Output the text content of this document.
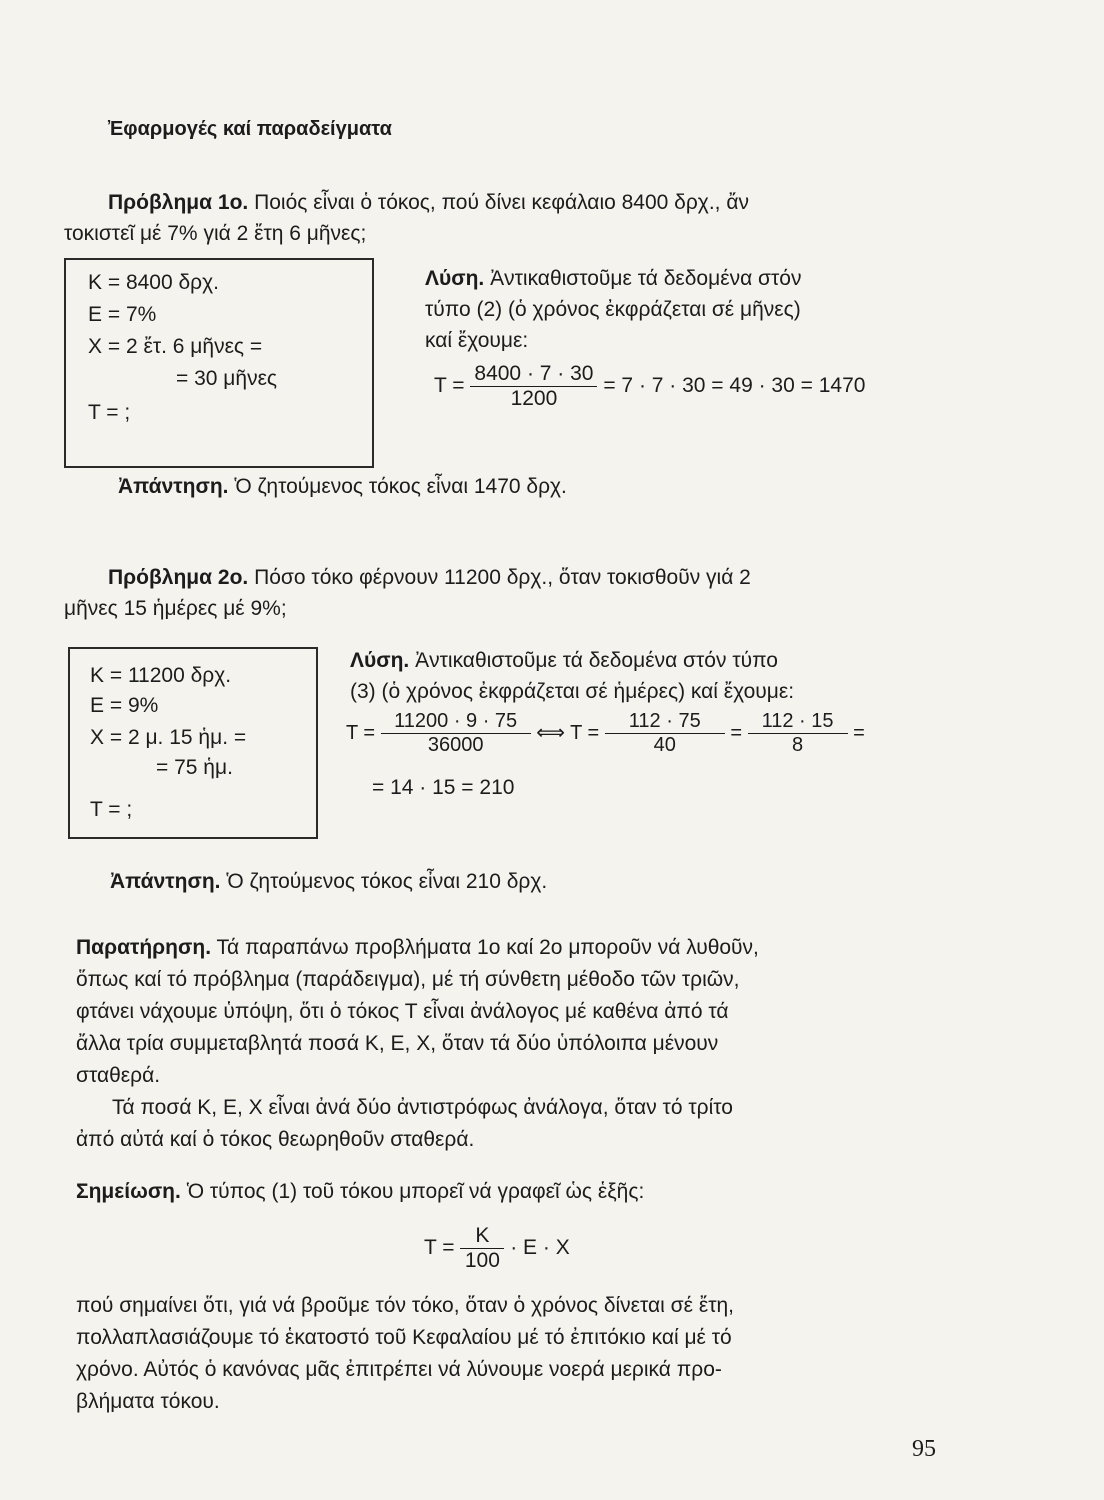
Ἐφαρμογές καί παραδείγματα
Πρόβλημα 1ο. Ποιός εἶναι ὁ τόκος, πού δίνει κεφάλαιο 8400 δρχ., ἄν
τοκιστεῖ μέ 7% γιά 2 ἔτη 6 μῆνες;
Κ = 8400 δρχ.
Ε = 7%
Χ = 2 ἔτ. 6 μῆνες =
= 30 μῆνες
Τ = ;
Λύση. Ἀντικαθιστοῦμε τά δεδομένα στόν
τύπο (2) (ὁ χρόνος ἐκφράζεται σέ μῆνες)
καί ἔχουμε:
$T = \frac{8400 \cdot 7 \cdot 30}{1200} = 7 \cdot 7 \cdot 30 = 49 \cdot 30 = 1470$
Ἀπάντηση. Ὁ ζητούμενος τόκος εἶναι 1470 δρχ.
Πρόβλημα 2ο. Πόσο τόκο φέρνουν 11200 δρχ., ὅταν τοκισθοῦν γιά 2
μῆνες 15 ἡμέρες μέ 9%;
Κ = 11200 δρχ.
Ε = 9%
Χ = 2 μ. 15 ἡμ. =
= 75 ἡμ.
Τ = ;
Λύση. Ἀντικαθιστοῦμε τά δεδομένα στόν τύπο
(3) (ὁ χρόνος ἐκφράζεται σέ ἡμέρες) καί ἔχουμε:
$T = \frac{11200 \cdot 9 \cdot 75}{36000}$ ⟺ $T = \frac{112 \cdot 75}{40} = \frac{112 \cdot 15}{8}$ =
= 14 · 15 = 210
Ἀπάντηση. Ὁ ζητούμενος τόκος εἶναι 210 δρχ.
Παρατήρηση. Τά παραπάνω προβλήματα 1ο καί 2ο μποροῦν νά λυθοῦν,
ὅπως καί τό πρόβλημα (παράδειγμα), μέ τή σύνθετη μέθοδο τῶν τριῶν,
φτάνει νάχουμε ὑπόψη, ὅτι ὁ τόκος Τ εἶναι ἀνάλογος μέ καθένα ἀπό τά
ἄλλα τρία συμμεταβλητά ποσά Κ, Ε, Χ, ὅταν τά δύο ὑπόλοιπα μένουν
σταθερά.
Τά ποσά Κ, Ε, Χ εἶναι ἀνά δύο ἀντιστρόφως ἀνάλογα, ὅταν τό τρίτο
ἀπό αὐτά καί ὁ τόκος θεωρηθοῦν σταθερά.
Σημείωση. Ὁ τύπος (1) τοῦ τόκου μπορεῖ νά γραφεῖ ὡς ἑξῆς:
$T = \frac{K}{100} \cdot E \cdot X$
πού σημαίνει ὅτι, γιά νά βροῦμε τόν τόκο, ὅταν ὁ χρόνος δίνεται σέ ἔτη,
πολλαπλασιάζουμε τό ἑκατοστό τοῦ Κεφαλαίου μέ τό ἐπιτόκιο καί μέ τό
χρόνο. Αὐτός ὁ κανόνας μᾶς ἐπιτρέπει νά λύνουμε νοερά μερικά προ-
βλήματα τόκου.
95
